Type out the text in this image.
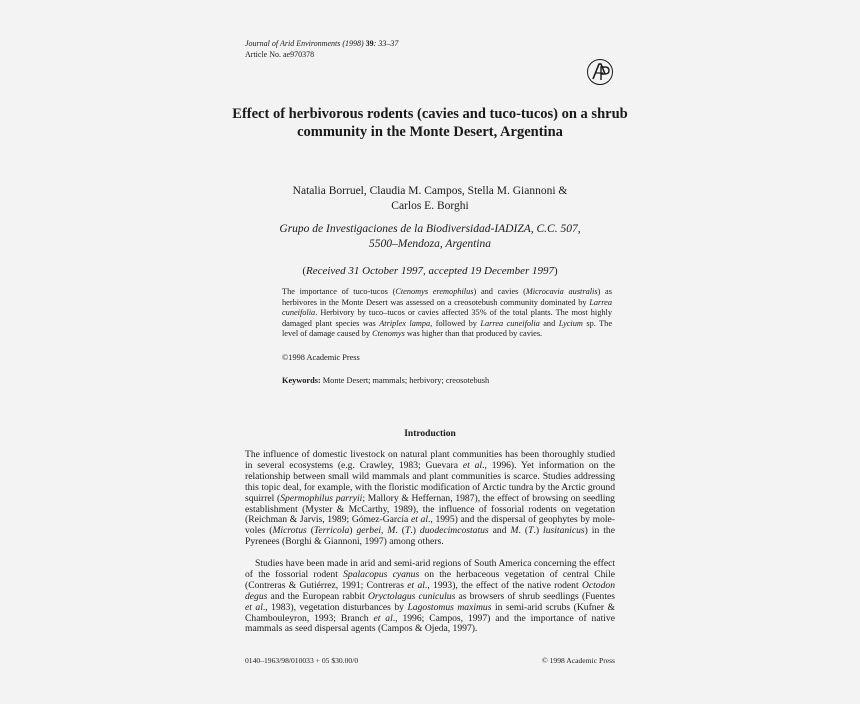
Journal of Arid Environments (1998) 39: 33–37
Article No. ae970378
Effect of herbivorous rodents (cavies and tuco-tucos) on a shrub community in the Monte Desert, Argentina
Natalia Borruel, Claudia M. Campos, Stella M. Giannoni &
Carlos E. Borghi
Grupo de Investigaciones de la Biodiversidad-IADIZA, C.C. 507,
5500–Mendoza, Argentina
(Received 31 October 1997, accepted 19 December 1997)
The importance of tuco-tucos (Ctenomys eremophilus) and cavies (Microcavia australis) as herbivores in the Monte Desert was assessed on a creosotebush community dominated by Larrea cuneifolia. Herbivory by tuco–tucos or cavies affected 35% of the total plants. The most highly damaged plant species was Atriplex lampa, followed by Larrea cuneifolia and Lycium sp. The level of damage caused by Ctenomys was higher than that produced by cavies.
©1998 Academic Press
Keywords: Monte Desert; mammals; herbivory; creosotebush
Introduction
The influence of domestic livestock on natural plant communities has been thoroughly studied in several ecosystems (e.g. Crawley, 1983; Guevara et al., 1996). Yet information on the relationship between small wild mammals and plant communities is scarce. Studies addressing this topic deal, for example, with the floristic modification of Arctic tundra by the Arctic ground squirrel (Spermophilus parryii; Mallory & Heffernan, 1987), the effect of browsing on seedling establishment (Myster & McCarthy, 1989), the influence of fossorial rodents on vegetation (Reichman & Jarvis, 1989; Gómez-García et al., 1995) and the dispersal of geophytes by mole-voles (Microtus (Terricola) gerbei, M. (T.) duodecimcostatus and M. (T.) lusitanicus) in the Pyrenees (Borghi & Giannoni, 1997) among others.
Studies have been made in arid and semi-arid regions of South America concerning the effect of the fossorial rodent Spalacopus cyanus on the herbaceous vegetation of central Chile (Contreras & Gutiérrez, 1991; Contreras et al., 1993), the effect of the native rodent Octodon degus and the European rabbit Oryctolagus cuniculus as browsers of shrub seedlings (Fuentes et al., 1983), vegetation disturbances by Lagostomus maximus in semi-arid scrubs (Kufner & Chambouleyron, 1993; Branch et al., 1996; Campos, 1997) and the importance of native mammals as seed dispersal agents (Campos & Ojeda, 1997).
0140–1963/98/010033 + 05 $30.00/0	© 1998 Academic Press
